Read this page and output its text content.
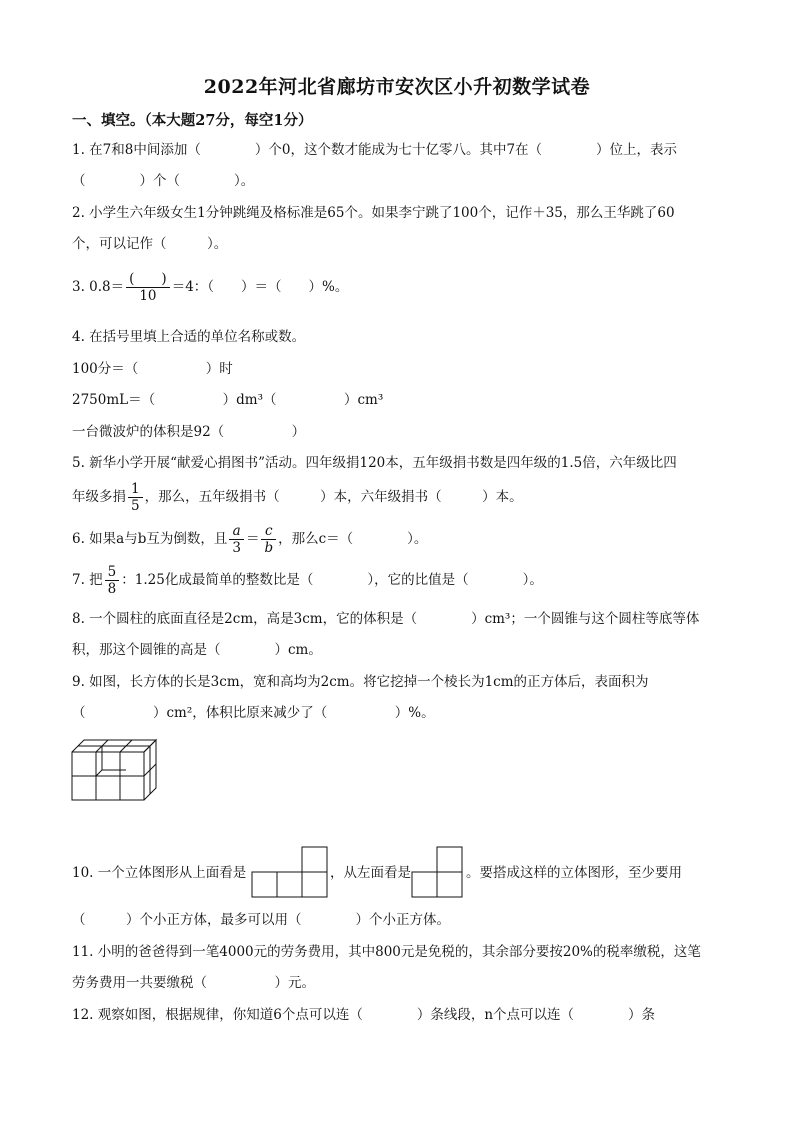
2022年河北省廊坊市安次区小升初数学试卷
一、填空。（本大题27分，每空1分）
1. 在7和8中间添加（　　　　）个0，这个数才能成为七十亿零八。其中7在（　　　　）位上，表示
（　　　　）个（　　　　）。
2. 小学生六年级女生1分钟跳绳及格标准是65个。如果李宁跳了100个，记作＋35，那么王华跳了60
个，可以记作（　　　）。
3. $0.8= \frac{( )}{10} =4$：（　　）＝（　　）%。
4. 在括号里填上合适的单位名称或数。
100分＝（　　　　　）时
2750mL＝（　　　　　）dm³（　　　　　）cm³
一台微波炉的体积是92（　　　　　）
5. 新华小学开展“献爱心捐图书”活动。四年级捐120本，五年级捐书数是四年级的1.5倍，六年级比四
年级多捐 $\frac{1}{5}$ ，那么，五年级捐书（　　　）本，六年级捐书（　　　）本。
6. 如果a与b互为倒数，且 $\frac{a}{3} = \frac{c}{b}$ ，那么c＝（　　　　）。
7. 把 $\frac{5}{8}$ ：1.25化成最简单的整数比是（　　　　），它的比值是（　　　　）。
8. 一个圆柱的底面直径是2cm，高是3cm，它的体积是（　　　　）cm³；一个圆锥与这个圆柱等底等体
积，那这个圆锥的高是（　　　　）cm。
9. 如图，长方体的长是3cm，宽和高均为2cm。将它挖掉一个棱长为1cm的正方体后，表面积为
（　　　　　）cm²，体积比原来减少了（　　　　　）%。
10. 一个立体图形从上面看是	，从左面看是	。要搭成这样的立体图形，至少要用
（　　　）个小正方体，最多可以用（　　　　）个小正方体。
11. 小明的爸爸得到一笔4000元的劳务费用，其中800元是免税的，其余部分要按20%的税率缴税，这笔
劳务费用一共要缴税（　　　　　）元。
12. 观察如图，根据规律，你知道6个点可以连（　　　　）条线段，n个点可以连（　　　　）条
